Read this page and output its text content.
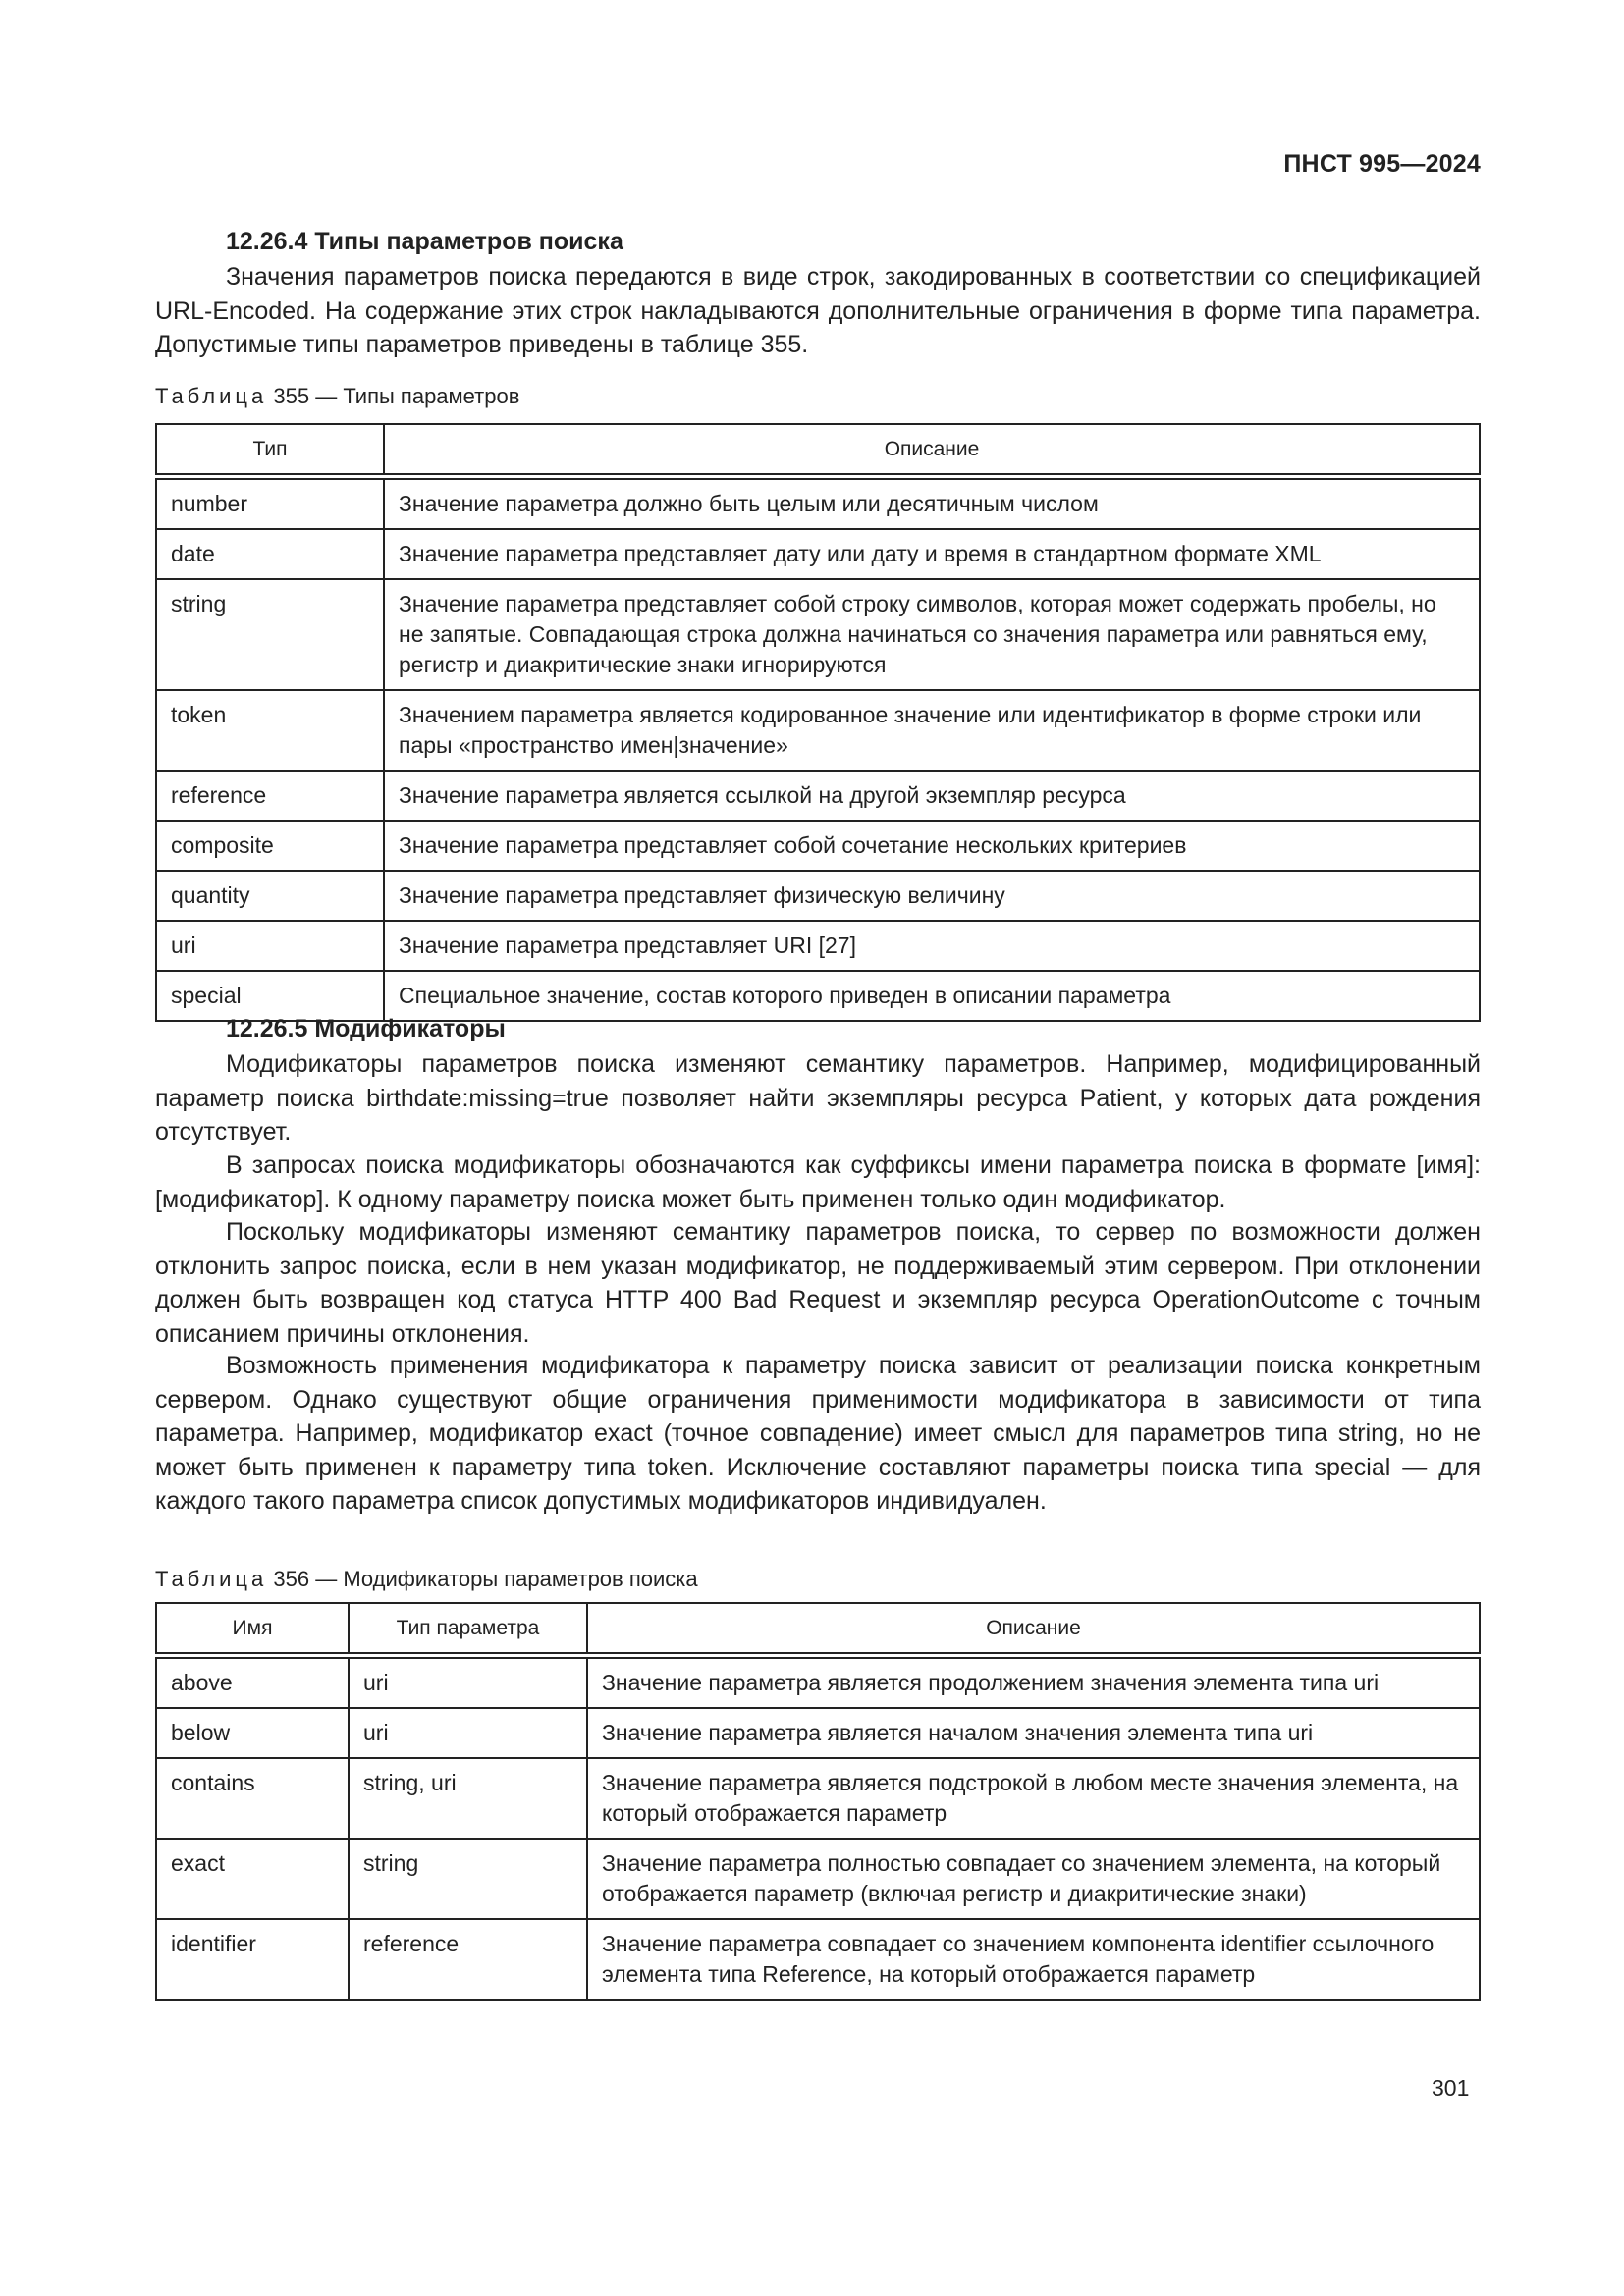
ПНСТ 995—2024
12.26.4 Типы параметров поиска
Значения параметров поиска передаются в виде строк, закодированных в соответствии со спецификацией URL-Encoded. На содержание этих строк накладываются дополнительные ограничения в форме типа параметра. Допустимые типы параметров приведены в таблице 355.
Таблица 355 — Типы параметров
Тип	Описание
number	Значение параметра должно быть целым или десятичным числом
date	Значение параметра представляет дату или дату и время в стандартном формате XML
string	Значение параметра представляет собой строку символов, которая может содержать пробелы, но не запятые. Совпадающая строка должна начинаться со значения параметра или равняться ему, регистр и диакритические знаки игнорируются
token	Значением параметра является кодированное значение или идентификатор в форме строки или пары «пространство имен|значение»
reference	Значение параметра является ссылкой на другой экземпляр ресурса
composite	Значение параметра представляет собой сочетание нескольких критериев
quantity	Значение параметра представляет физическую величину
uri	Значение параметра представляет URI [27]
special	Специальное значение, состав которого приведен в описании параметра
12.26.5 Модификаторы
Модификаторы параметров поиска изменяют семантику параметров. Например, модифицированный параметр поиска birthdate:missing=true позволяет найти экземпляры ресурса Patient, у которых дата рождения отсутствует.
В запросах поиска модификаторы обозначаются как суффиксы имени параметра поиска в формате [имя]:[модификатор]. К одному параметру поиска может быть применен только один модификатор.
Поскольку модификаторы изменяют семантику параметров поиска, то сервер по возможности должен отклонить запрос поиска, если в нем указан модификатор, не поддерживаемый этим сервером. При отклонении должен быть возвращен код статуса HTTP 400 Bad Request и экземпляр ресурса OperationOutcome с точным описанием причины отклонения.
Возможность применения модификатора к параметру поиска зависит от реализации поиска конкретным сервером. Однако существуют общие ограничения применимости модификатора в зависимости от типа параметра. Например, модификатор exact (точное совпадение) имеет смысл для параметров типа string, но не может быть применен к параметру типа token. Исключение составляют параметры поиска типа special — для каждого такого параметра список допустимых модификаторов индивидуален.
Таблица 356 — Модификаторы параметров поиска
Имя	Тип параметра	Описание
above	uri	Значение параметра является продолжением значения элемента типа uri
below	uri	Значение параметра является началом значения элемента типа uri
contains	string, uri	Значение параметра является подстрокой в любом месте значения элемента, на который отображается параметр
exact	string	Значение параметра полностью совпадает со значением элемента, на который отображается параметр (включая регистр и диакритические знаки)
identifier	reference	Значение параметра совпадает со значением компонента identifier ссылочного элемента типа Reference, на который отображается параметр
301
